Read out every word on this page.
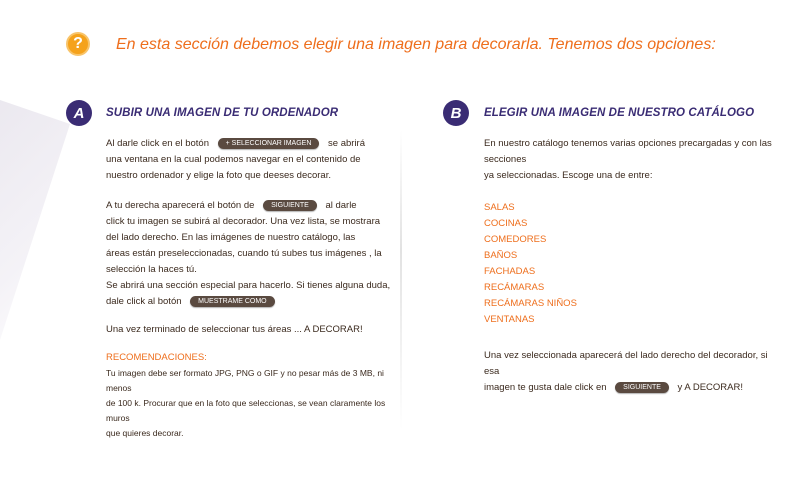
?	En esta sección debemos elegir una imagen para decorarla. Tenemos dos opciones:
A	SUBIR UNA IMAGEN DE TU ORDENADOR
Al darle click en el botón + SELECCIONAR IMAGEN se abrirá
una ventana en la cual podemos navegar en el contenido de
nuestro ordenador y elige la foto que deeses decorar.
A tu derecha aparecerá el botón de SIGUIENTE al darle
click tu imagen se subirá al decorador. Una vez lista, se mostrara
del lado derecho. En las imágenes de nuestro catálogo, las
áreas están preseleccionadas, cuando tú subes tus imágenes , la
selección la haces tú.
Se abrirá una sección especial para hacerlo. Si tienes alguna duda,
dale click al botón MUESTRAME COMO
Una vez terminado de seleccionar tus áreas ... A DECORAR!
RECOMENDACIONES:
Tu imagen debe ser formato JPG, PNG o GIF y no pesar más de 3 MB, ni menos
de 100 k. Procurar que en la foto que seleccionas, se vean claramente los muros
que quieres decorar.
B	ELEGIR UNA IMAGEN DE NUESTRO CATÁLOGO
En nuestro catálogo tenemos varias opciones precargadas y con las secciones
ya seleccionadas. Escoge una de entre:
SALAS
COCINAS
COMEDORES
BAÑOS
FACHADAS
RECÁMARAS
RECÁMARAS NIÑOS
VENTANAS
Una vez seleccionada aparecerá del lado derecho del decorador, si esa
imagen te gusta dale click en SIGUIENTE y A DECORAR!
